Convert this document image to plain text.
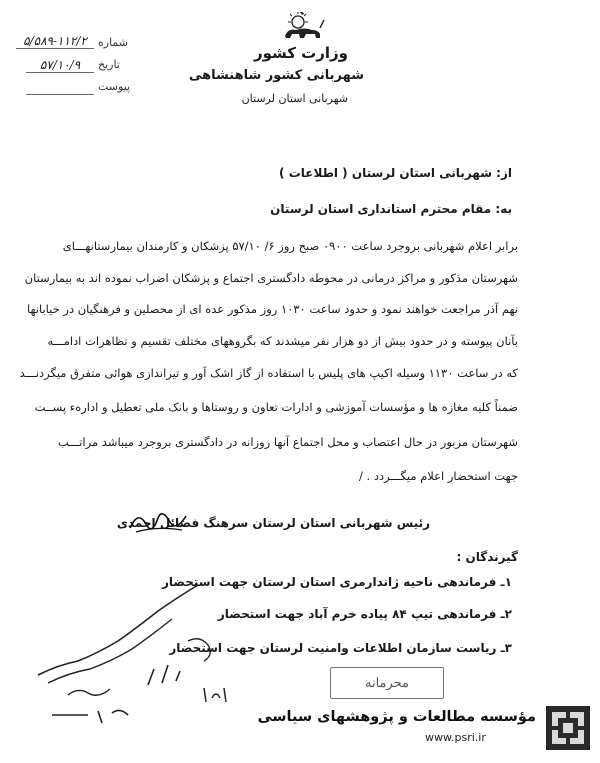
شماره
۵/۵۸۹-۱۱۲/۲
تاریخ
۵۷/۱۰/۹
پیوست
وزارت کشور
شهربانی کشور شاهنشاهی
شهربانی استان لرستان
از: شهربانی استان لرستان ( اطلاعات )
به: مقام محترم استانداری استان لرستان
برابر اعلام شهربانی بروجرد ساعت ۰۹۰۰ صبح روز ۶/ ۵۷/۱۰ پزشکان و کارمندان بیمارستانهـــای
شهرستان مذکور و مراکز درمانی در محوطه دادگستری اجتماع و پزشکان اضراب نموده اند به بیمارستان
نهم آذر مراجعت خواهند نمود و حدود ساعت ۱۰۳۰ روز مذکور عده ای از محصلین و فرهنگیان در خیابانها
بآنان پیوسته و در حدود بیش از دو هزار نفر میشدند که بگروههای مختلف تقسیم و تظاهرات ادامـــه
که در ساعت ۱۱۳۰ وسیله اکیپ های پلیس با استفاده از گاز اشک آور و تیراندازی هوائی متفرق میگردنـــد
ضمناً کلیه مغازه ها و مؤسسات آموزشی و ادارات تعاون و روستاها و بانک ملی تعطیل و ادارهء پســت
شهرستان مزبور در حال اعتصاب و محل اجتماع آنها روزانه در دادگستری بروجرد میباشد مراتـــب
جهت استحضار اعلام میگـــردد . /
رئیس شهربانی استان لرستان سرهنگ فضائل احمدی
گیرندگان :
۱ـ فرماندهی ناحیه ژاندارمری استان لرستان جهت استحضار
۲ـ فرماندهی تیپ ۸۴ پیاده خرم آباد جهت استحضار
۳ـ ریاست سازمان اطلاعات وامنیت لرستان جهت استحضار
محرمانه
مؤسسه مطالعات و پژوهشهای سیاسی
www.psri.ir
